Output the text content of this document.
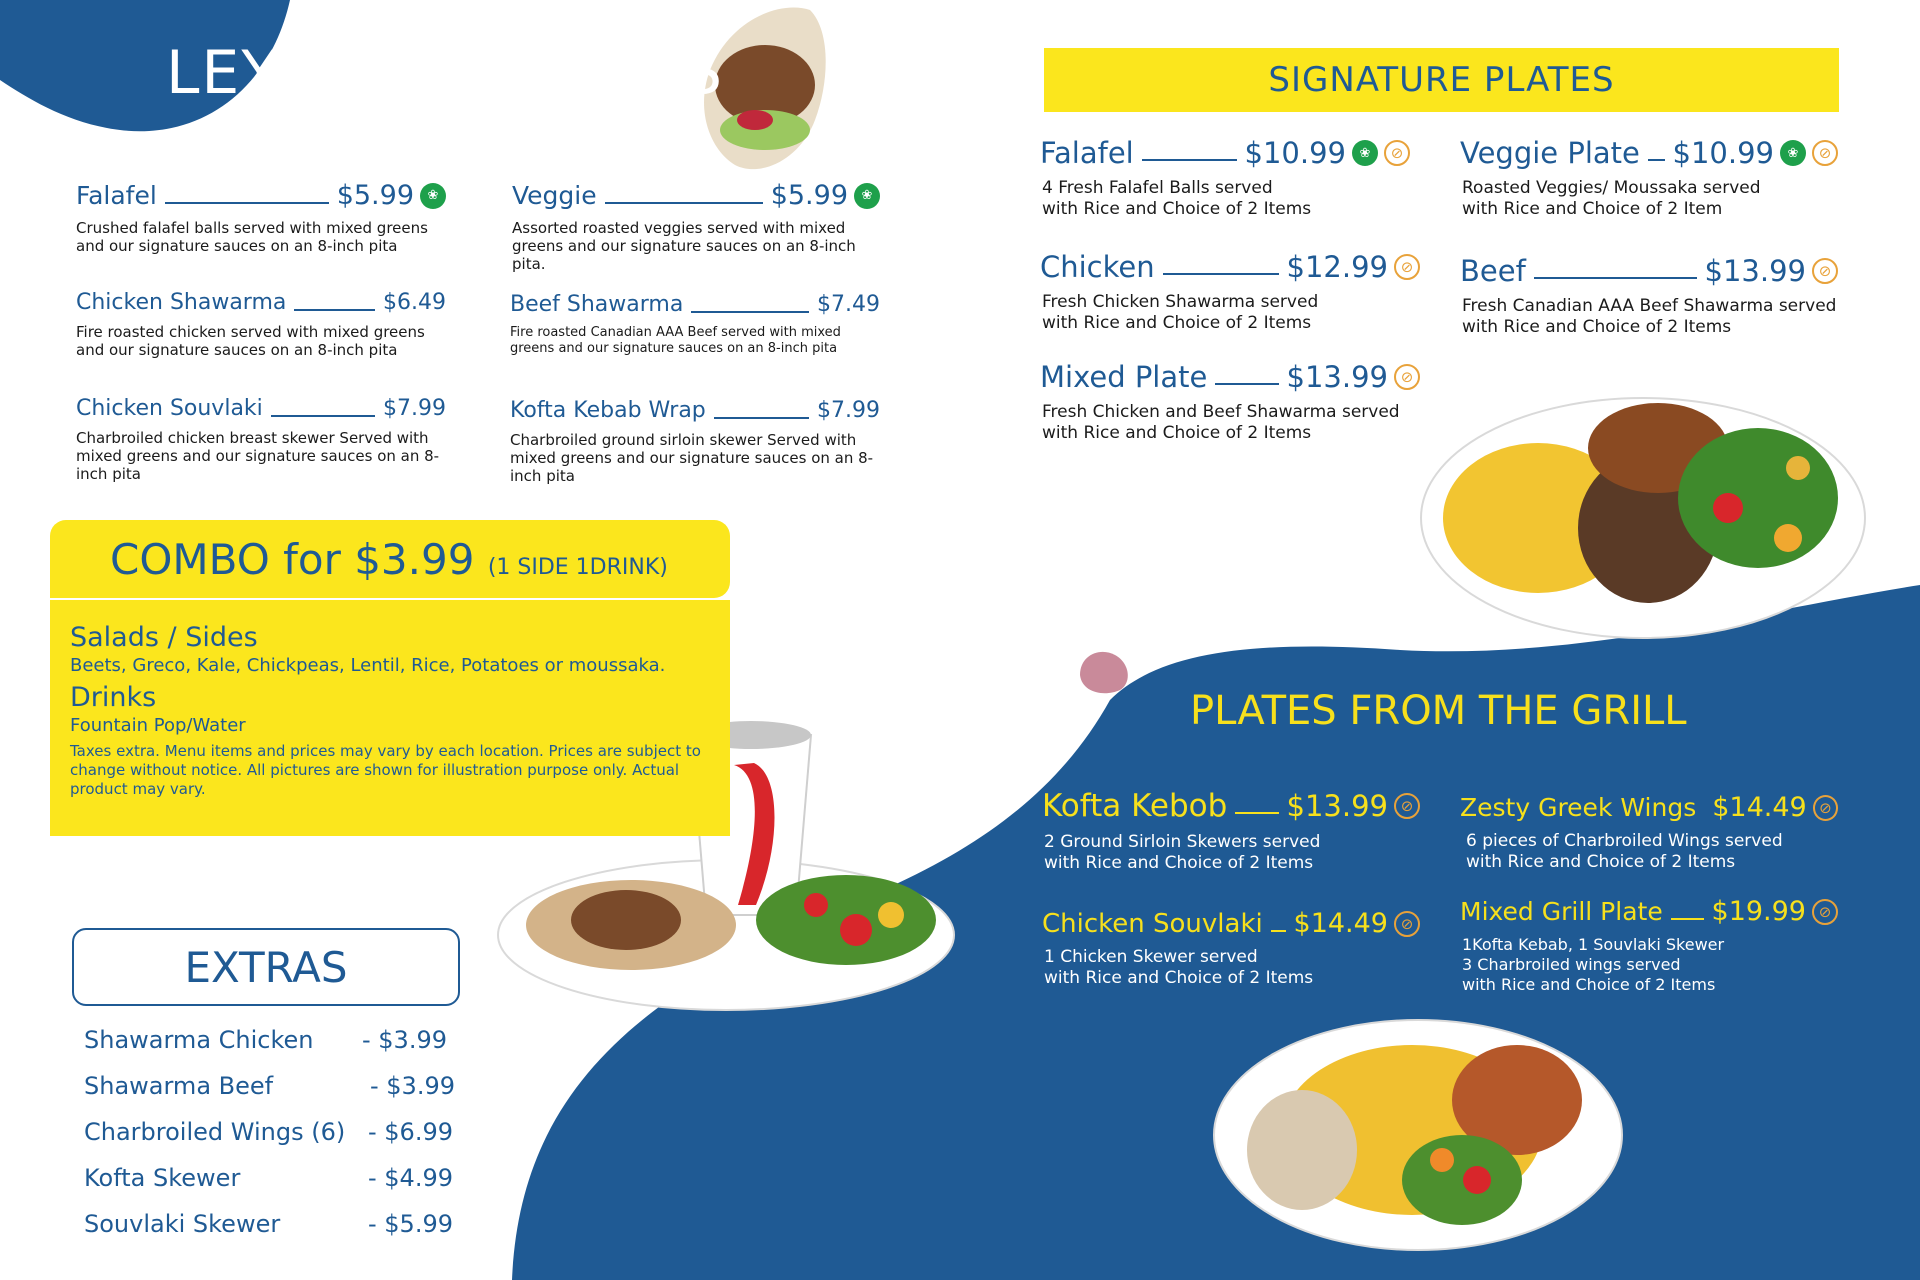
LEYMOON WRAPS
Falafel	$5.99	❀
Crushed falafel balls served with mixed greens and our signature sauces on an 8-inch pita
Veggie	$5.99	❀
Assorted roasted veggies served with mixed greens and our signature sauces on an 8-inch pita.
Chicken Shawarma	$6.49
Fire roasted chicken served with mixed greens and our signature sauces on an 8-inch pita
Beef Shawarma	$7.49
Fire roasted Canadian AAA Beef served with mixed greens and our signature sauces on an 8-inch pita
Chicken Souvlaki	$7.99
Charbroiled chicken breast skewer Served with mixed greens and our signature sauces on an 8-inch pita
Kofta Kebab Wrap	$7.99
Charbroiled ground sirloin skewer Served with mixed greens and our signature sauces on an 8-inch pita
SIGNATURE PLATES
Falafel	$10.99	❀	⊘
4 Fresh Falafel Balls served
with Rice and Choice of 2 Items
Veggie Plate $10.99	❀	⊘
Roasted Veggies/ Moussaka served
with Rice and Choice of 2 Item
Chicken	$12.99 ⊘
Fresh Chicken Shawarma served
with Rice and Choice of 2 Items
Beef	$13.99 ⊘
Fresh Canadian AAA Beef Shawarma served
with Rice and Choice of 2 Items
Mixed Plate	$13.99 ⊘
Fresh Chicken and Beef Shawarma served
with Rice and Choice of 2 Items
COMBO for $3.99 (1 SIDE 1DRINK)
Salads / Sides
Beets, Greco, Kale, Chickpeas, Lentil, Rice, Potatoes or moussaka.
Drinks
Fountain Pop/Water
Taxes extra. Menu items and prices may vary by each location. Prices are subject to change without notice. All pictures are shown for illustration purpose only. Actual product may vary.
EXTRAS
Shawarma Chicken - $3.99
Shawarma Beef	- $3.99
Charbroiled Wings (6) - $6.99
Kofta Skewer	- $4.99
Souvlaki Skewer	- $5.99
PLATES FROM THE GRILL
Kofta Kebob $13.99 ⊘
2 Ground Sirloin Skewers served
with Rice and Choice of 2 Items
Zesty Greek Wings $14.49 ⊘
6 pieces of Charbroiled Wings served
with Rice and Choice of 2 Items
Chicken Souvlaki $14.49 ⊘
1 Chicken Skewer served
with Rice and Choice of 2 Items
Mixed Grill Plate $19.99 ⊘
1Kofta Kebab, 1 Souvlaki Skewer
3 Charbroiled wings served
with Rice and Choice of 2 Items
